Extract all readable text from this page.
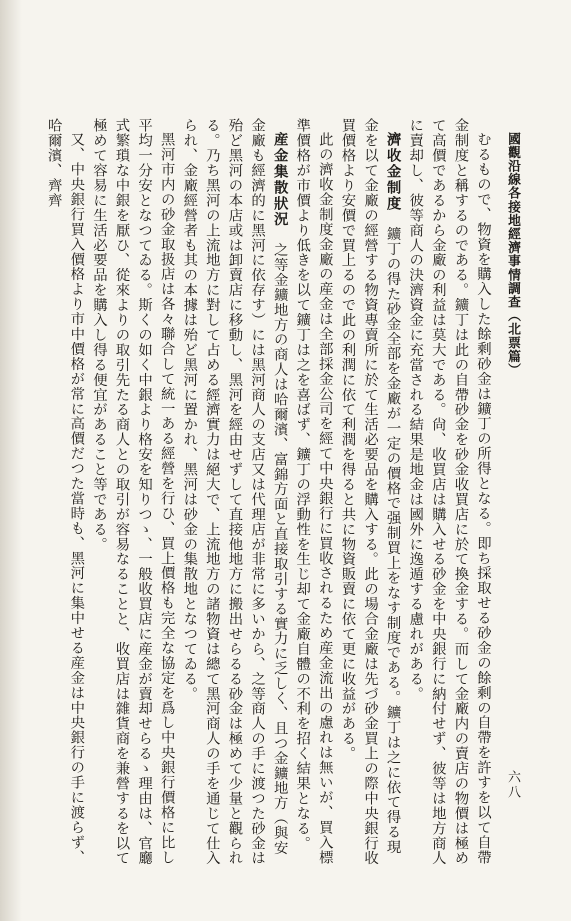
國觀沿線各接地經濟事情調查（北票篇）
六八

むるもので、物資を購入した餘剩砂金は鑛丁の所得となる。即ち採取せる砂金の餘剩の自帶を許すを以て自帶金制度と稱するのである。鑛丁は此の自帶砂金を砂金收買店に於て換金する。而して金廠内の賣店の物價は極めて高價であるから金廠の利益は莫大である。尙、收買店は購入せる砂金を中央銀行に納付せず、彼等は地方商人に賣却し、彼等商人の決濟資金に充當される結果是地金は國外に逸遁する慮れがある。

濟收金制度　鑛丁の得た砂金全部を金廠が一定の價格で强制買上をなす制度である。鑛丁は之に依て得る現金を以て金廠の經營する物資專賣所に於て生活必要品を購入する。此の場合金廠は先づ砂金買上の際中央銀行收買價格より安價で買上るので此の利潤に依て利潤を得ると共に物資販賣に依て更に收益がある。

此の濟收金制度金廠の産金は全部採金公司を經て中央銀行に買收されるため産金流出の慮れは無いが、買入標準價格が市價より低きを以て鑛丁は之を喜ばず、鑛丁の浮動性を生じ却て金廠自體の不利を招く結果となる。

産金集散狀況　之等金鑛地方の商人は哈爾濱、富錦方面と直接取引する實力に乏しく、且つ金鑛地方（與安金廠も經濟的に黑河に依存す）には黑河商人の支店又は代理店が非常に多いから、之等商人の手に渡つた砂金は殆ど黑河の本店或は卸賣店に移動し、黑河を經由せずして直接他地方に搬出せらるる砂金は極めて少量と觀られる。乃ち黑河の上流地方に對して占める經濟實力は絕大で、上流地方の諸物資は總て黑河商人の手を通じて仕入られ、金廠經營者も其の本據は殆ど黑河に置かれ、黑河は砂金の集散地となつてゐる。

黑河市内の砂金取扱店は各々聯合して統一ある經營を行ひ、買上價格も完全な協定を爲し中央銀行價格に比し平均一分安となつてゐる。斯くの如く中銀より格安を知りつゝ、一般收買店に産金が賣却せらるゝ理由は、官廳式繁瑣な中銀を厭ひ、從來よりの取引先たる商人との取引が容易なることと、收買店は雜貨商を兼營するを以て極めて容易に生活必要品を購入し得る便宜があること等である。

又、中央銀行買入價格より市中價格が常に高價だつた當時も、黑河に集中せる産金は中央銀行の手に渡らず、哈爾濱、齊齊
